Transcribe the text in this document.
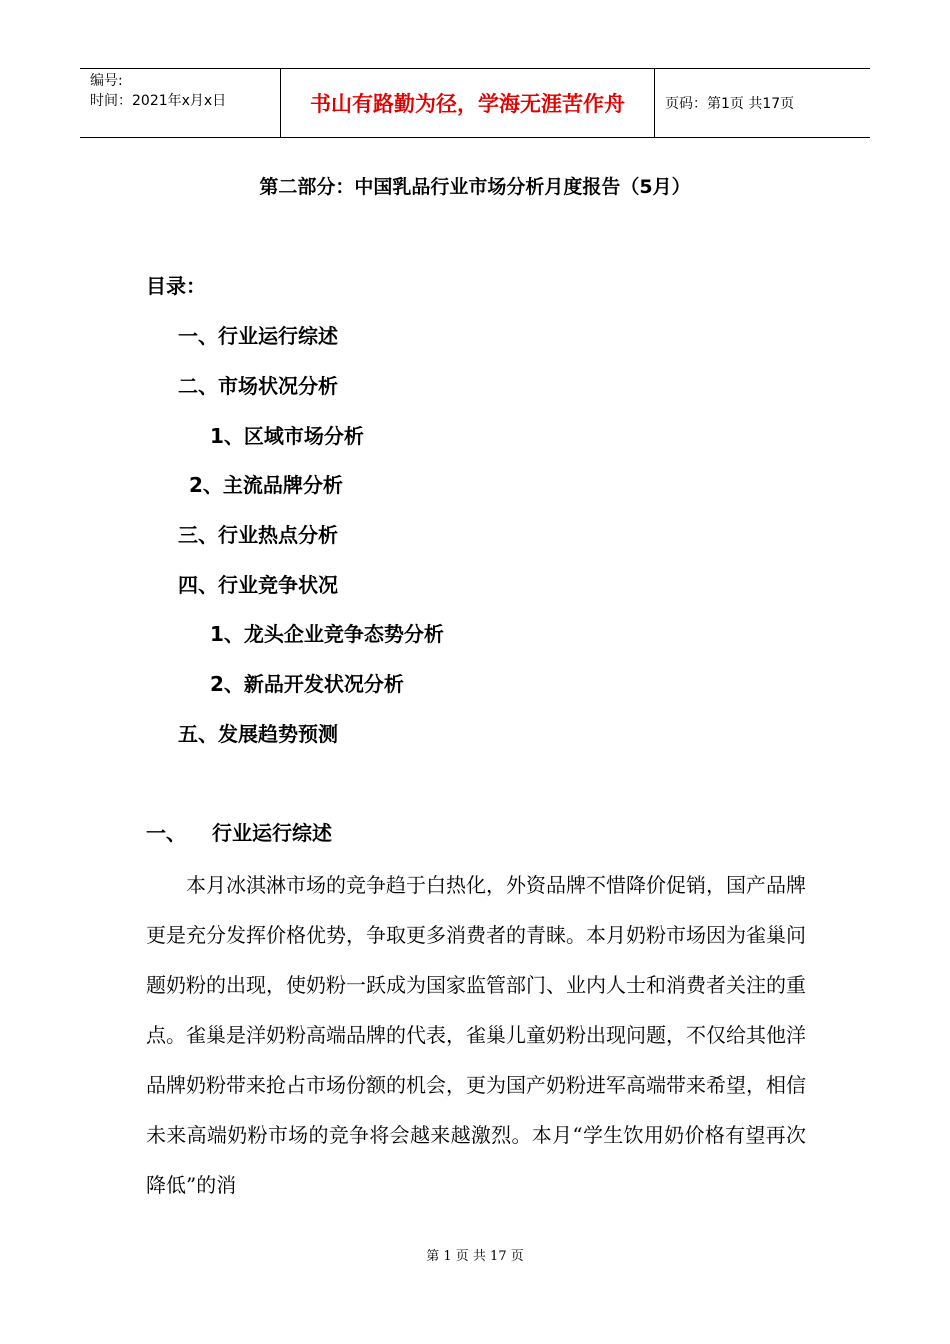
编号:
时间：2021年x月x日	书山有路勤为径，学海无涯苦作舟	页码：第1页 共17页
第二部分：中国乳品行业市场分析月度报告（5月）
目录：
一、行业运行综述
二、市场状况分析
1、区域市场分析
2、主流品牌分析
三、行业热点分析
四、行业竞争状况
1、龙头企业竞争态势分析
2、新品开发状况分析
五、发展趋势预测
一、 行业运行综述

本月冰淇淋市场的竞争趋于白热化，外资品牌不惜降价促销，国产品牌更是充分发挥价格优势，争取更多消费者的青睐。本月奶粉市场因为雀巢问题奶粉的出现，使奶粉一跃成为国家监管部门、业内人士和消费者关注的重点。雀巢是洋奶粉高端品牌的代表，雀巢儿童奶粉出现问题，不仅给其他洋品牌奶粉带来抢占市场份额的机会，更为国产奶粉进军高端带来希望，相信未来高端奶粉市场的竞争将会越来越激烈。本月“学生饮用奶价格有望再次降低”的消

第 1 页 共 17 页
